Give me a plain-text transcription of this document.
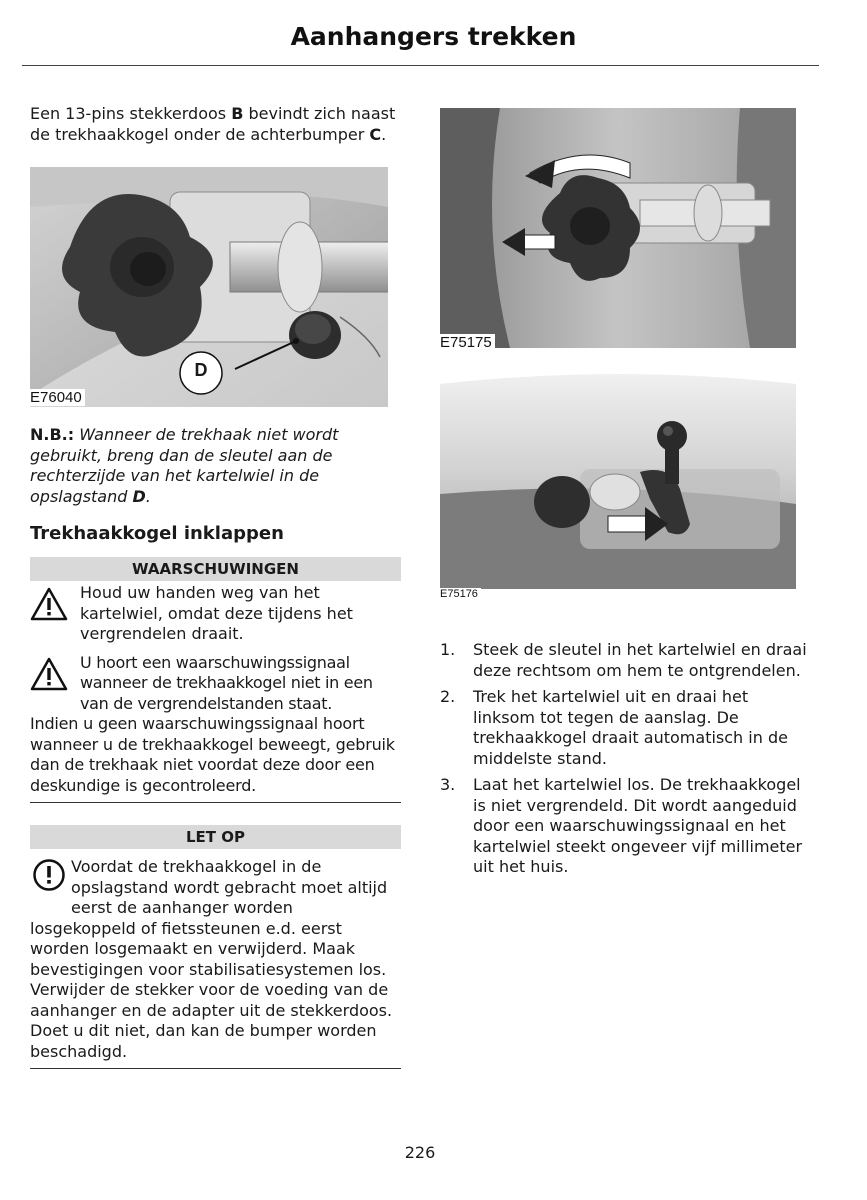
Aanhangers trekken

Een 13-pins stekkerdoos B bevindt zich naast de trekhaakkogel onder de achterbumper C.

D
E76040

N.B.: Wanneer de trekhaak niet wordt gebruikt, breng dan de sleutel aan de rechterzijde van het kartelwiel in de opslagstand D.

Trekhaakkogel inklappen

WAARSCHUWINGEN
Houd uw handen weg van het kartelwiel, omdat deze tijdens het vergrendelen draait.
U hoort een waarschuwingssignaal wanneer de trekhaakkogel niet in een van de vergrendelstanden staat.
Indien u geen waarschuwingssignaal hoort wanneer u de trekhaakkogel beweegt, gebruik dan de trekhaak niet voordat deze door een deskundige is gecontroleerd.
LET OP
Voordat de trekhaakkogel in de opslagstand wordt gebracht moet altijd eerst de aanhanger worden
losgekoppeld of fietssteunen e.d. eerst worden losgemaakt en verwijderd. Maak bevestigingen voor stabilisatiesystemen los. Verwijder de stekker voor de voeding van de aanhanger en de adapter uit de stekkerdoos. Doet u dit niet, dan kan de bumper worden beschadigd.
E75175
E75176
1. Steek de sleutel in het kartelwiel en draai deze rechtsom om hem te ontgrendelen.
2. Trek het kartelwiel uit en draai het linksom tot tegen de aanslag. De trekhaakkogel draait automatisch in de middelste stand.
3. Laat het kartelwiel los. De trekhaakkogel is niet vergrendeld. Dit wordt aangeduid door een waarschuwingssignaal en het kartelwiel steekt ongeveer vijf millimeter uit het huis.
226
